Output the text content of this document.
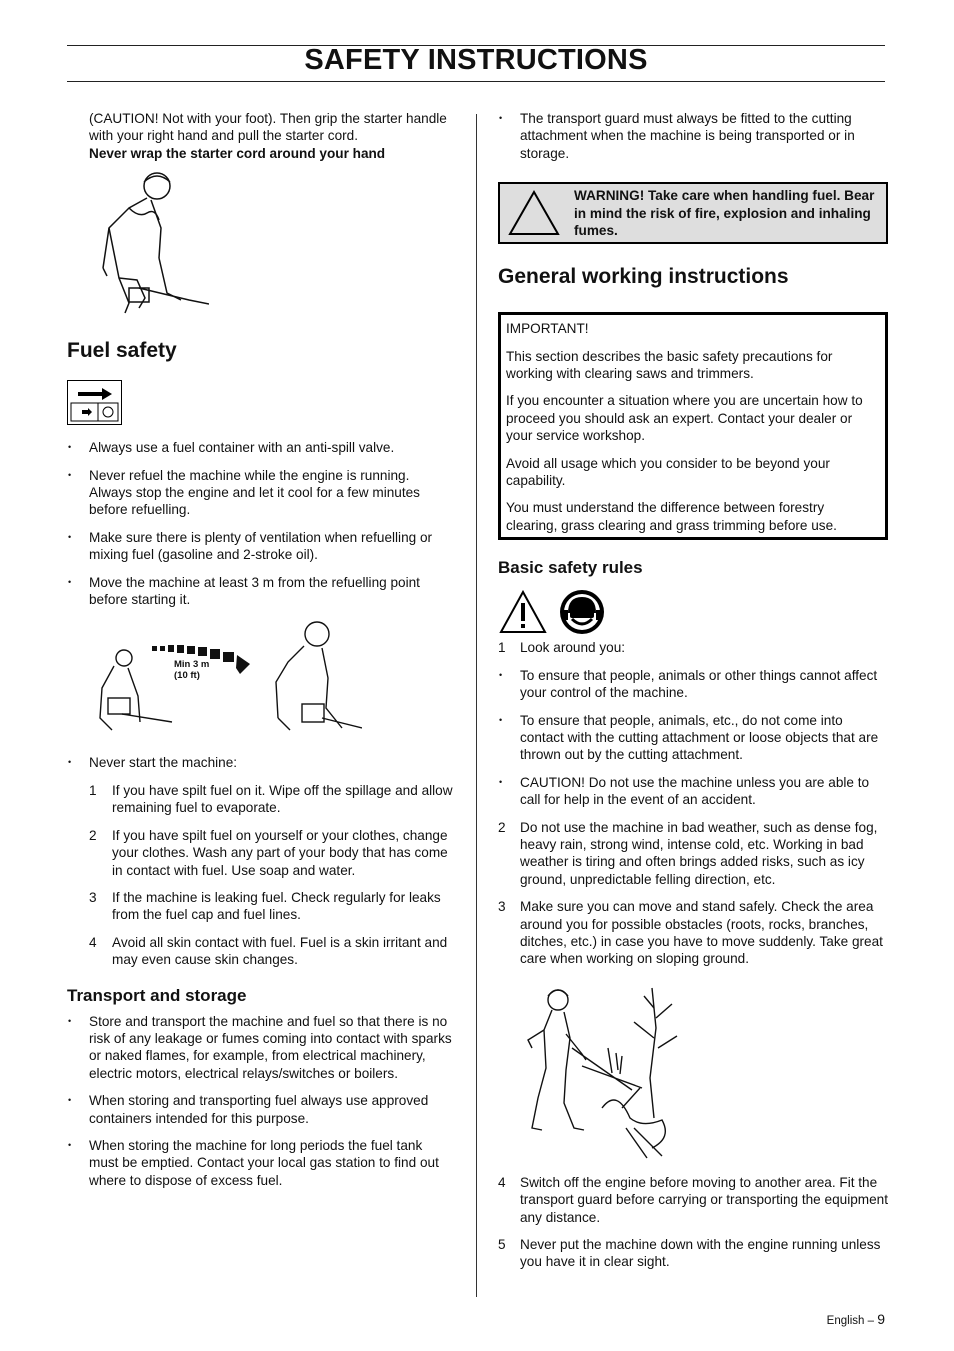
SAFETY INSTRUCTIONS
(CAUTION! Not with your foot). Then grip the starter handle with your right hand and pull the starter cord.
Never wrap the starter cord around your hand
Fuel safety
• Always use a fuel container with an anti-spill valve.
• Never refuel the machine while the engine is running. Always stop the engine and let it cool for a few minutes before refuelling.
• Make sure there is plenty of ventilation when refuelling or mixing fuel (gasoline and 2-stroke oil).
• Move the machine at least 3 m from the refuelling point before starting it.
Min 3 m
(10 ft)
• Never start the machine:
1 If you have spilt fuel on it. Wipe off the spillage and allow remaining fuel to evaporate.
2 If you have spilt fuel on yourself or your clothes, change your clothes. Wash any part of your body that has come in contact with fuel. Use soap and water.
3 If the machine is leaking fuel. Check regularly for leaks from the fuel cap and fuel lines.
4 Avoid all skin contact with fuel. Fuel is a skin irritant and may even cause skin changes.
Transport and storage
• Store and transport the machine and fuel so that there is no risk of any leakage or fumes coming into contact with sparks or naked flames, for example, from electrical machinery, electric motors, electrical relays/switches or boilers.
• When storing and transporting fuel always use approved containers intended for this purpose.
• When storing the machine for long periods the fuel tank must be emptied. Contact your local gas station to find out where to dispose of excess fuel.
• The transport guard must always be fitted to the cutting attachment when the machine is being transported or in storage.
WARNING! Take care when handling fuel. Bear in mind the risk of fire, explosion and inhaling fumes.
General working instructions

IMPORTANT!

This section describes the basic safety precautions for working with clearing saws and trimmers.

If you encounter a situation where you are uncertain how to proceed you should ask an expert. Contact your dealer or your service workshop.

Avoid all usage which you consider to be beyond your capability.

You must understand the difference between forestry clearing, grass clearing and grass trimming before use.

Basic safety rules
1 Look around you:
• To ensure that people, animals or other things cannot affect your control of the machine.
• To ensure that people, animals, etc., do not come into contact with the cutting attachment or loose objects that are thrown out by the cutting attachment.
• CAUTION! Do not use the machine unless you are able to call for help in the event of an accident.
2 Do not use the machine in bad weather, such as dense fog, heavy rain, strong wind, intense cold, etc. Working in bad weather is tiring and often brings added risks, such as icy ground, unpredictable felling direction, etc.
3 Make sure you can move and stand safely. Check the area around you for possible obstacles (roots, rocks, branches, ditches, etc.) in case you have to move suddenly. Take great care when working on sloping ground.
4 Switch off the engine before moving to another area. Fit the transport guard before carrying or transporting the equipment any distance.
5 Never put the machine down with the engine running unless you have it in clear sight.
English – 9
